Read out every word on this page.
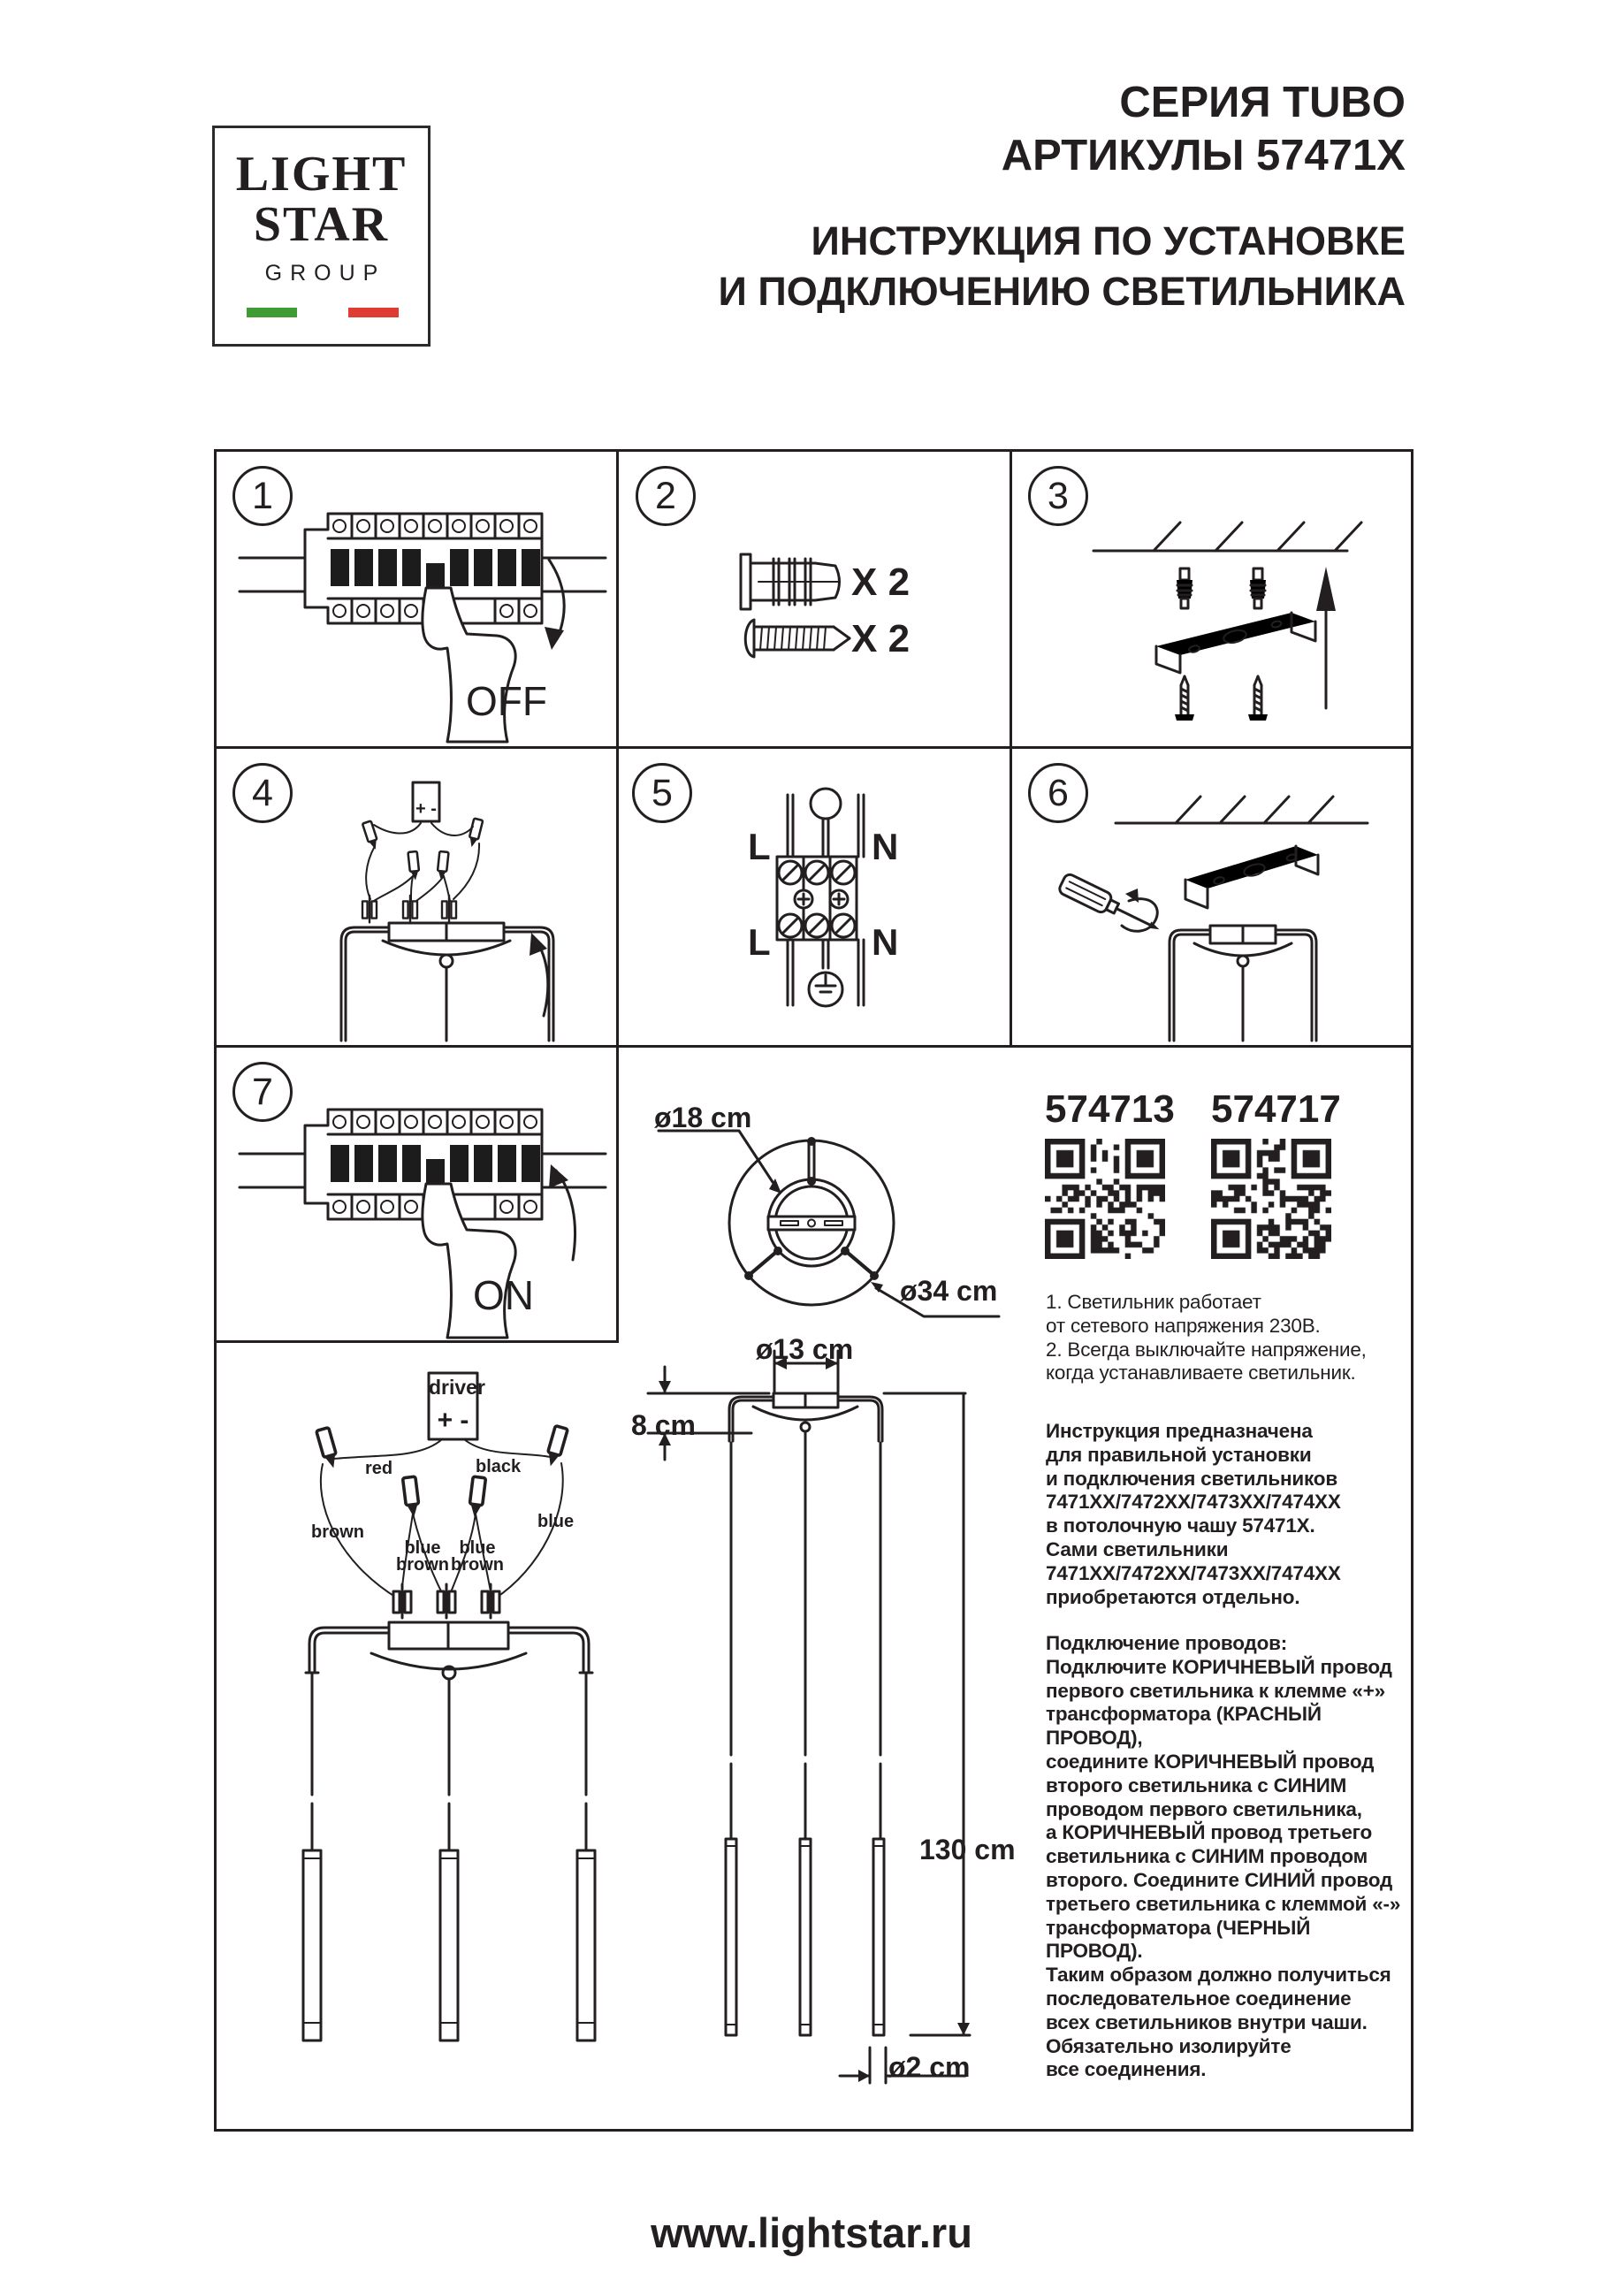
LIGHT
STAR
GROUP
СЕРИЯ TUBO
АРТИКУЛЫ 57471X
ИНСТРУКЦИЯ ПО УСТАНОВКЕ
И ПОДКЛЮЧЕНИЮ СВЕТИЛЬНИКА
1	2	3
4	5	6
7
OFF
X 2
X 2
+ -
L	N
L	N
ON
ø18 cm
ø34 cm
574713 574717
1. Светильник работает
от сетевого напряжения 230В.
2. Всегда выключайте напряжение,
когда устанавливаете светильник.
Инструкция предназначена
для правильной установки
и подключения светильников
7471XX/7472XX/7473XX/7474XX
в потолочную чашу 57471X.
Сами светильники
7471XX/7472XX/7473XX/7474XX
приобретаются отдельно.
Подключение проводов:
Подключите КОРИЧНЕВЫЙ провод
первого светильника к клемме «+»
трансформатора (КРАСНЫЙ ПРОВОД),
соедините КОРИЧНЕВЫЙ провод
второго светильника с СИНИМ
проводом первого светильника,
а КОРИЧНЕВЫЙ провод третьего
светильника с СИНИМ проводом
второго. Соедините СИНИЙ провод
третьего светильника с клеммой «-»
трансформатора (ЧЕРНЫЙ ПРОВОД).
Таким образом должно получиться
последовательное соединение
всех светильников внутри чаши.
Обязательно изолируйте
все соединения.
driver
+ -
red	black
brown
blue
blue
brown
blue
brown
ø13 cm
8 cm
130 cm
ø2 cm
www.lightstar.ru
